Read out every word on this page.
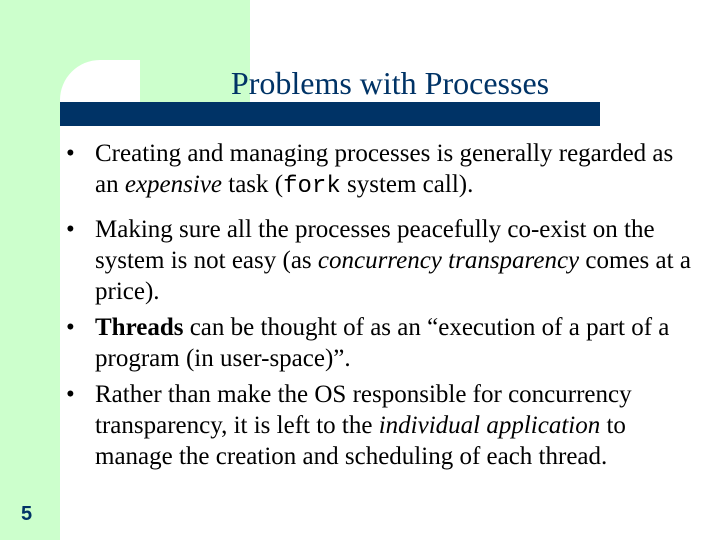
Problems with Processes
• Creating and managing processes is generally regarded as an expensive task (fork system call).
• Making sure all the processes peacefully co-exist on the system is not easy (as concurrency transparency comes at a price).
• Threads can be thought of as an “execution of a part of a program (in user-space)”.
• Rather than make the OS responsible for concurrency transparency, it is left to the individual application to manage the creation and scheduling of each thread.
5
